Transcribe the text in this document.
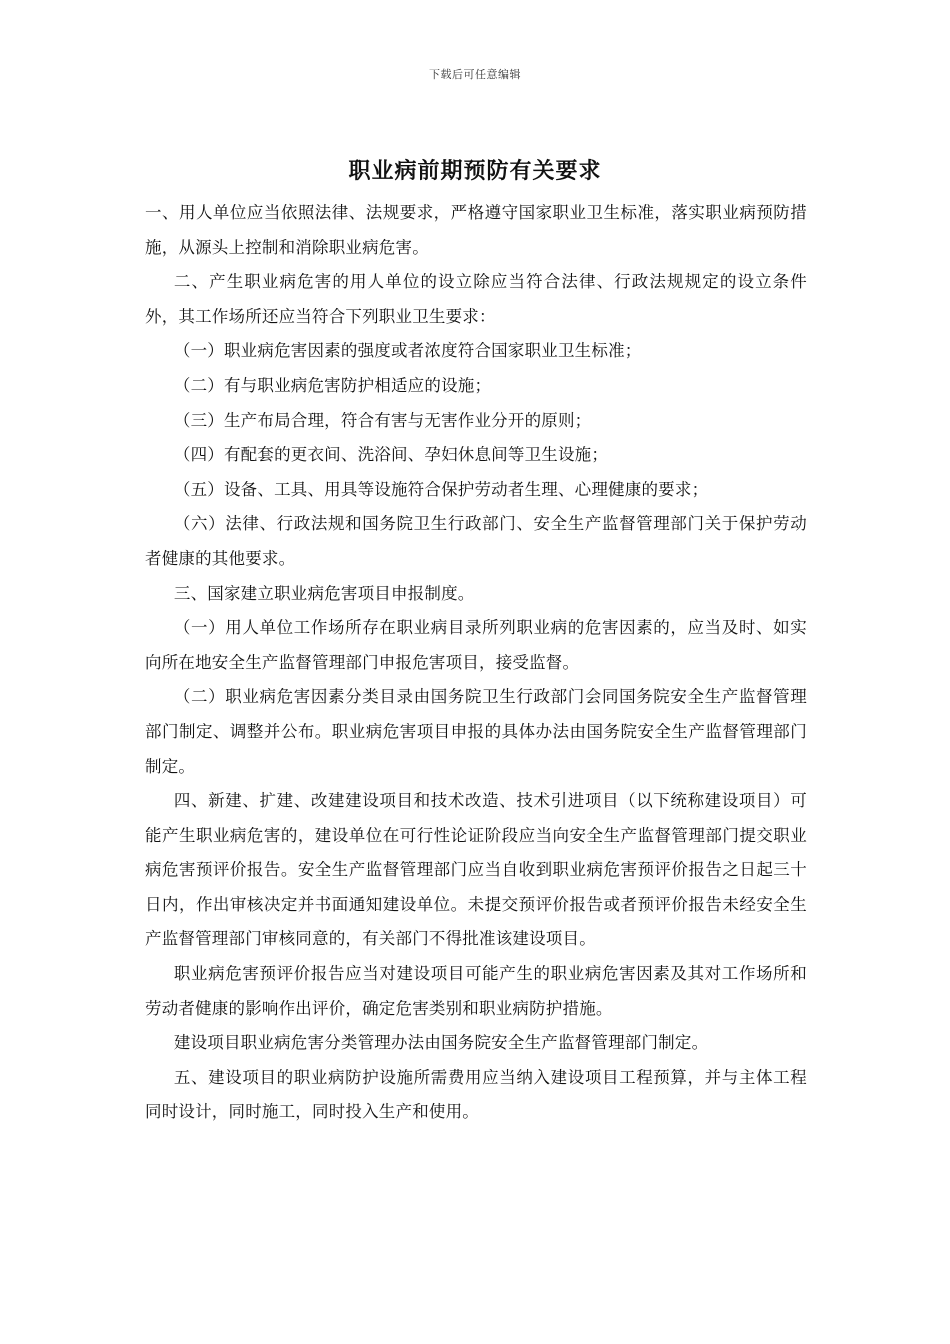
下载后可任意编辑
职业病前期预防有关要求

一、用人单位应当依照法律、法规要求，严格遵守国家职业卫生标准，落实职业病预防措施，从源头上控制和消除职业病危害。

二、产生职业病危害的用人单位的设立除应当符合法律、行政法规规定的设立条件外，其工作场所还应当符合下列职业卫生要求：

（一）职业病危害因素的强度或者浓度符合国家职业卫生标准；

（二）有与职业病危害防护相适应的设施；

（三）生产布局合理，符合有害与无害作业分开的原则；

（四）有配套的更衣间、洗浴间、孕妇休息间等卫生设施；

（五）设备、工具、用具等设施符合保护劳动者生理、心理健康的要求；

（六）法律、行政法规和国务院卫生行政部门、安全生产监督管理部门关于保护劳动者健康的其他要求。

三、国家建立职业病危害项目申报制度。

（一）用人单位工作场所存在职业病目录所列职业病的危害因素的，应当及时、如实向所在地安全生产监督管理部门申报危害项目，接受监督。

（二）职业病危害因素分类目录由国务院卫生行政部门会同国务院安全生产监督管理部门制定、调整并公布。职业病危害项目申报的具体办法由国务院安全生产监督管理部门制定。

四、新建、扩建、改建建设项目和技术改造、技术引进项目（以下统称建设项目）可能产生职业病危害的，建设单位在可行性论证阶段应当向安全生产监督管理部门提交职业病危害预评价报告。安全生产监督管理部门应当自收到职业病危害预评价报告之日起三十日内，作出审核决定并书面通知建设单位。未提交预评价报告或者预评价报告未经安全生产监督管理部门审核同意的，有关部门不得批准该建设项目。

职业病危害预评价报告应当对建设项目可能产生的职业病危害因素及其对工作场所和劳动者健康的影响作出评价，确定危害类别和职业病防护措施。

建设项目职业病危害分类管理办法由国务院安全生产监督管理部门制定。

五、建设项目的职业病防护设施所需费用应当纳入建设项目工程预算，并与主体工程同时设计，同时施工，同时投入生产和使用。
